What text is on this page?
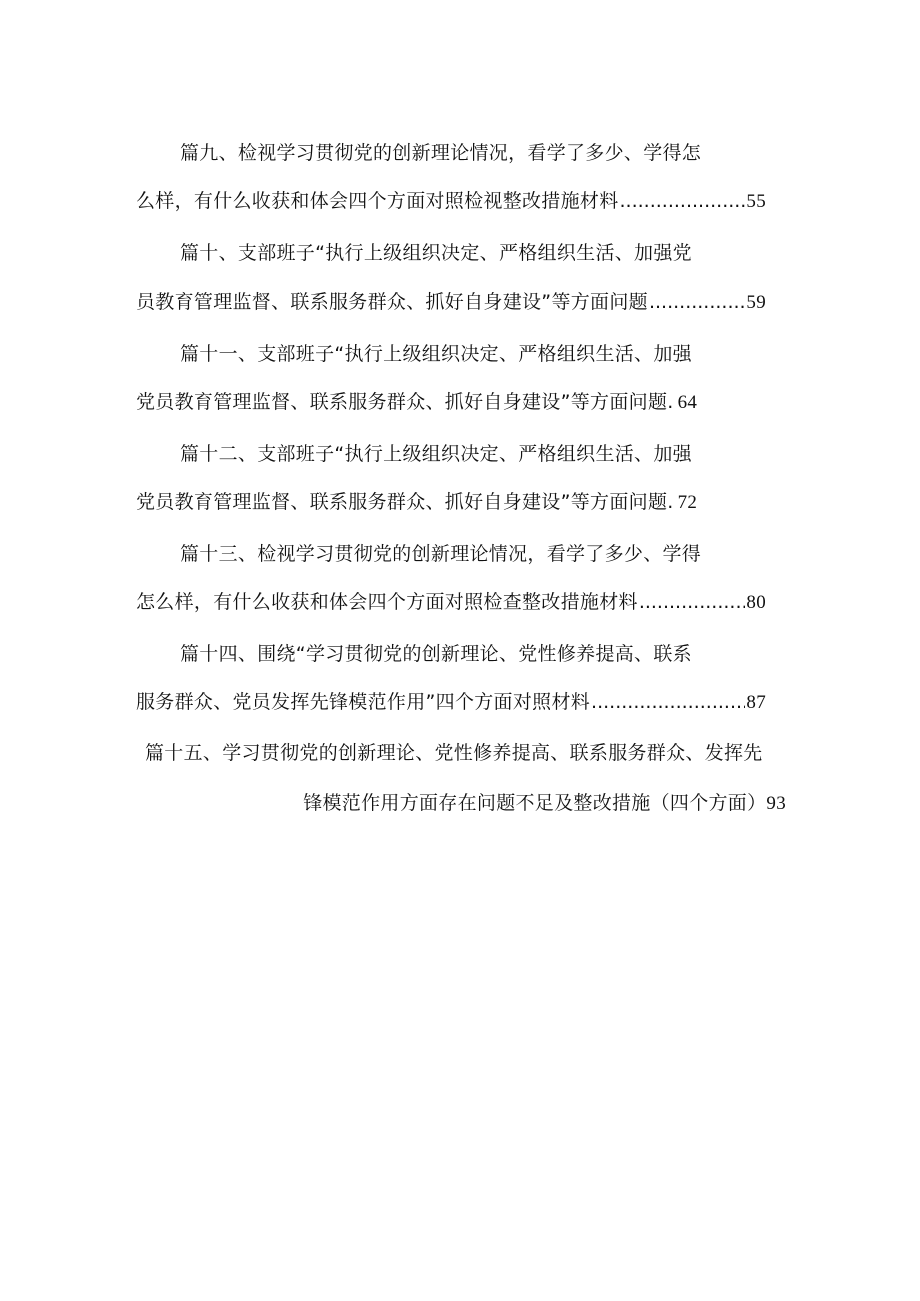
篇九、检视学习贯彻党的创新理论情况，看学了多少、学得怎
么样，有什么收获和体会四个方面对照检视整改措施材料 .....	55
篇十、支部班子“执行上级组织决定、严格组织生活、加强党
员教育管理监督、联系服务群众、抓好自身建设”等方面问题 .....	59
篇十一、支部班子“执行上级组织决定、严格组织生活、加强
党员教育管理监督、联系服务群众、抓好自身建设”等方面问题. 64
篇十二、支部班子“执行上级组织决定、严格组织生活、加强
党员教育管理监督、联系服务群众、抓好自身建设”等方面问题. 72
篇十三、检视学习贯彻党的创新理论情况，看学了多少、学得
怎么样，有什么收获和体会四个方面对照检查整改措施材料 .....	80
篇十四、围绕“学习贯彻党的创新理论、党性修养提高、联系
服务群众、党员发挥先锋模范作用”四个方面对照材料 .....	87
篇十五、学习贯彻党的创新理论、党性修养提高、联系服务群众、发挥先
锋模范作用方面存在问题不足及整改措施（四个方面）93
